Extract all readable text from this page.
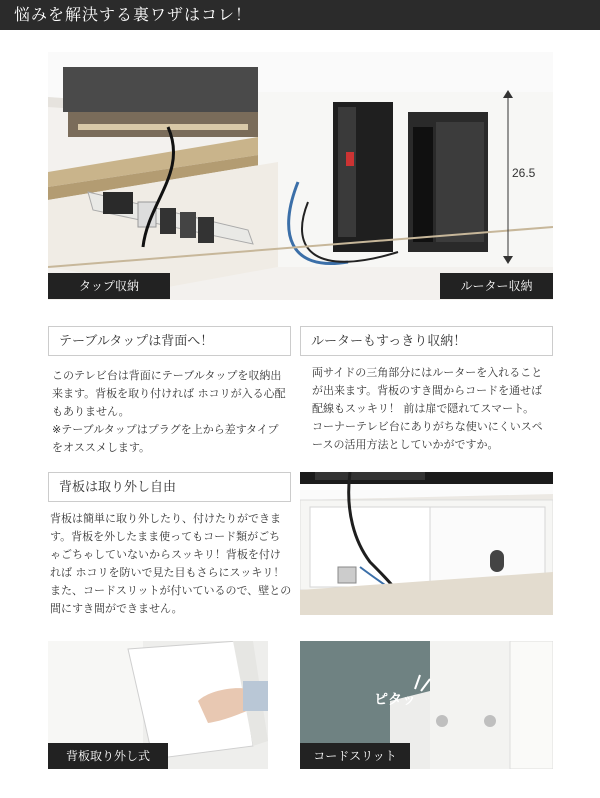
悩みを解決する裏ワザはコレ！
26.5
タップ収納	ルーター収納
テーブルタップは背面へ！
このテレビ台は背面にテーブルタップを収納出
来ます。背板を取り付ければ ホコリが入る心配
もありません。
※テーブルタップはプラグを上から差すタイプ
をオススメします。
ルーターもすっきり収納！
両サイドの三角部分にはルーターを入れること
が出来ます。背板のすき間からコードを通せば
配線もスッキリ！ 前は扉で隠れてスマート。
コーナーテレビ台にありがちな使いにくいスペ
ースの活用方法としていかがですか。
背板は取り外し自由
背板は簡単に取り外したり、付けたりができま
す。背板を外したまま使ってもコード類がごち
ゃごちゃしていないからスッキリ！背板を付け
れば ホコリを防いで見た目もさらにスッキリ！
また、コードスリットが付いているので、壁との
間にすき間ができません。
背板取り外し式
ピタッ
コードスリット
